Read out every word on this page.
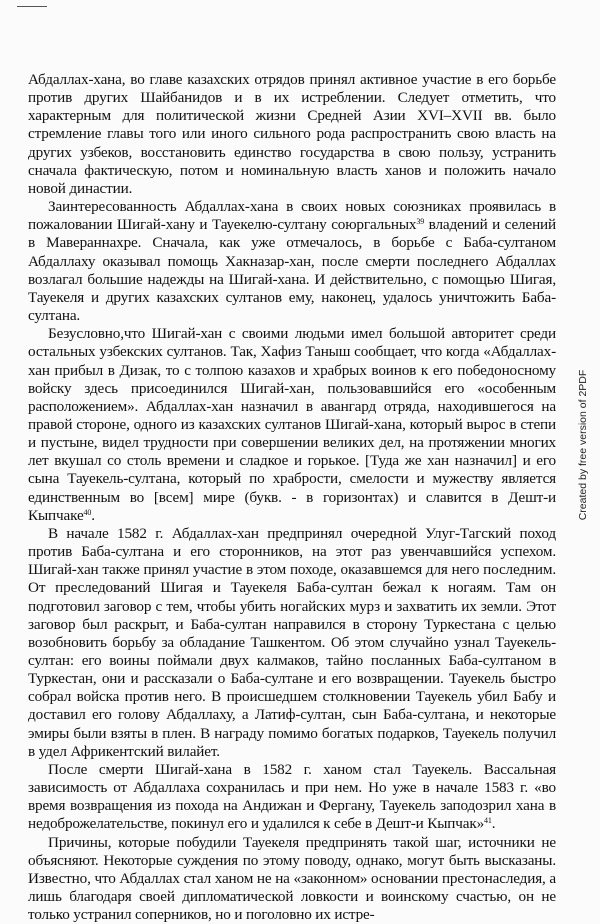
Абдаллах-хана, во главе казахских отрядов принял активное участие в его борьбе против других Шайбанидов и в их истреблении. Следует отметить, что характерным для политической жизни Средней Азии XVI–XVII вв. было стремление главы того или иного сильного рода распространить свою власть на других узбеков, восстановить единство государства в свою пользу, устранить сначала фактическую, потом и номинальную власть ханов и положить начало новой династии.

Заинтересованность Абдаллах-хана в своих новых союзниках проявилась в пожаловании Шигай-хану и Тауекелю-султану союргальных$^{39}$ владений и селений в Мавераннахре. Сначала, как уже отмечалось, в борьбе с Баба-султаном Абдаллаху оказывал помощь Хакназар-хан, после смерти последнего Абдаллах возлагал большие надежды на Шигай-хана. И действительно, с помощью Шигая, Тауекеля и других казахских султанов ему, наконец, удалось уничтожить Баба-султана.

Безусловно,что Шигай-хан с своими людьми имел большой авторитет среди остальных узбекских султанов. Так, Хафиз Таныш сообщает, что когда «Абдаллах-хан прибыл в Дизак, то с толпою казахов и храбрых воинов к его победоносному войску здесь присоединился Шигай-хан, пользовавшийся его «особенным расположением». Абдаллах-хан назначил в авангард отряда, находившегося на правой стороне, одного из казахских султанов Шигай-хана, который вырос в степи и пустыне, видел трудности при совершении великих дел, на протяжении многих лет вкушал со столь времени и сладкое и горькое. [Туда же хан назначил] и его сына Тауекель-султана, который по храбрости, смелости и мужеству является единственным во [всем] мире (букв. - в горизонтах) и славится в Дешт-и Кыпчаке$^{40}$.

В начале 1582 г. Абдаллах-хан предпринял очередной Улуг-Тагский поход против Баба-султана и его сторонников, на этот раз увенчавшийся успехом. Шигай-хан также принял участие в этом походе, оказавшемся для него последним. От преследований Шигая и Тауекеля Баба-султан бежал к ногаям. Там он подготовил заговор с тем, чтобы убить ногайских мурз и захватить их земли. Этот заговор был раскрыт, и Баба-султан направился в сторону Туркестана с целью возобновить борьбу за обладание Ташкентом. Об этом случайно узнал Тауекель-султан: его воины поймали двух калмаков, тайно посланных Баба-султаном в Туркестан, они и рассказали о Баба-султане и его возвращении. Тауекель быстро собрал войска против него. В происшедшем столкновении Тауекель убил Бабу и доставил его голову Абдаллаху, а Латиф-султан, сын Баба-султана, и некоторые эмиры были взяты в плен. В награду помимо богатых подарков, Тауекель получил в удел Африкентский вилайет.

После смерти Шигай-хана в 1582 г. ханом стал Тауекель. Вассальная зависимость от Абдаллаха сохранилась и при нем. Но уже в начале 1583 г. «во время возвращения из похода на Андижан и Фергану, Тауекель заподозрил хана в недоброжелательстве, покинул его и удалился к себе в Дешт-и Кыпчак»$^{41}$.

Причины, которые побудили Тауекеля предпринять такой шаг, источники не объясняют. Некоторые суждения по этому поводу, однако, могут быть высказаны. Известно, что Абдаллах стал ханом не на «законном» основании престонаследия, а лишь благодаря своей дипломатической ловкости и воинскому счастью, он не только устранил соперников, но и поголовно их истре-

Created by free version of 2PDF
